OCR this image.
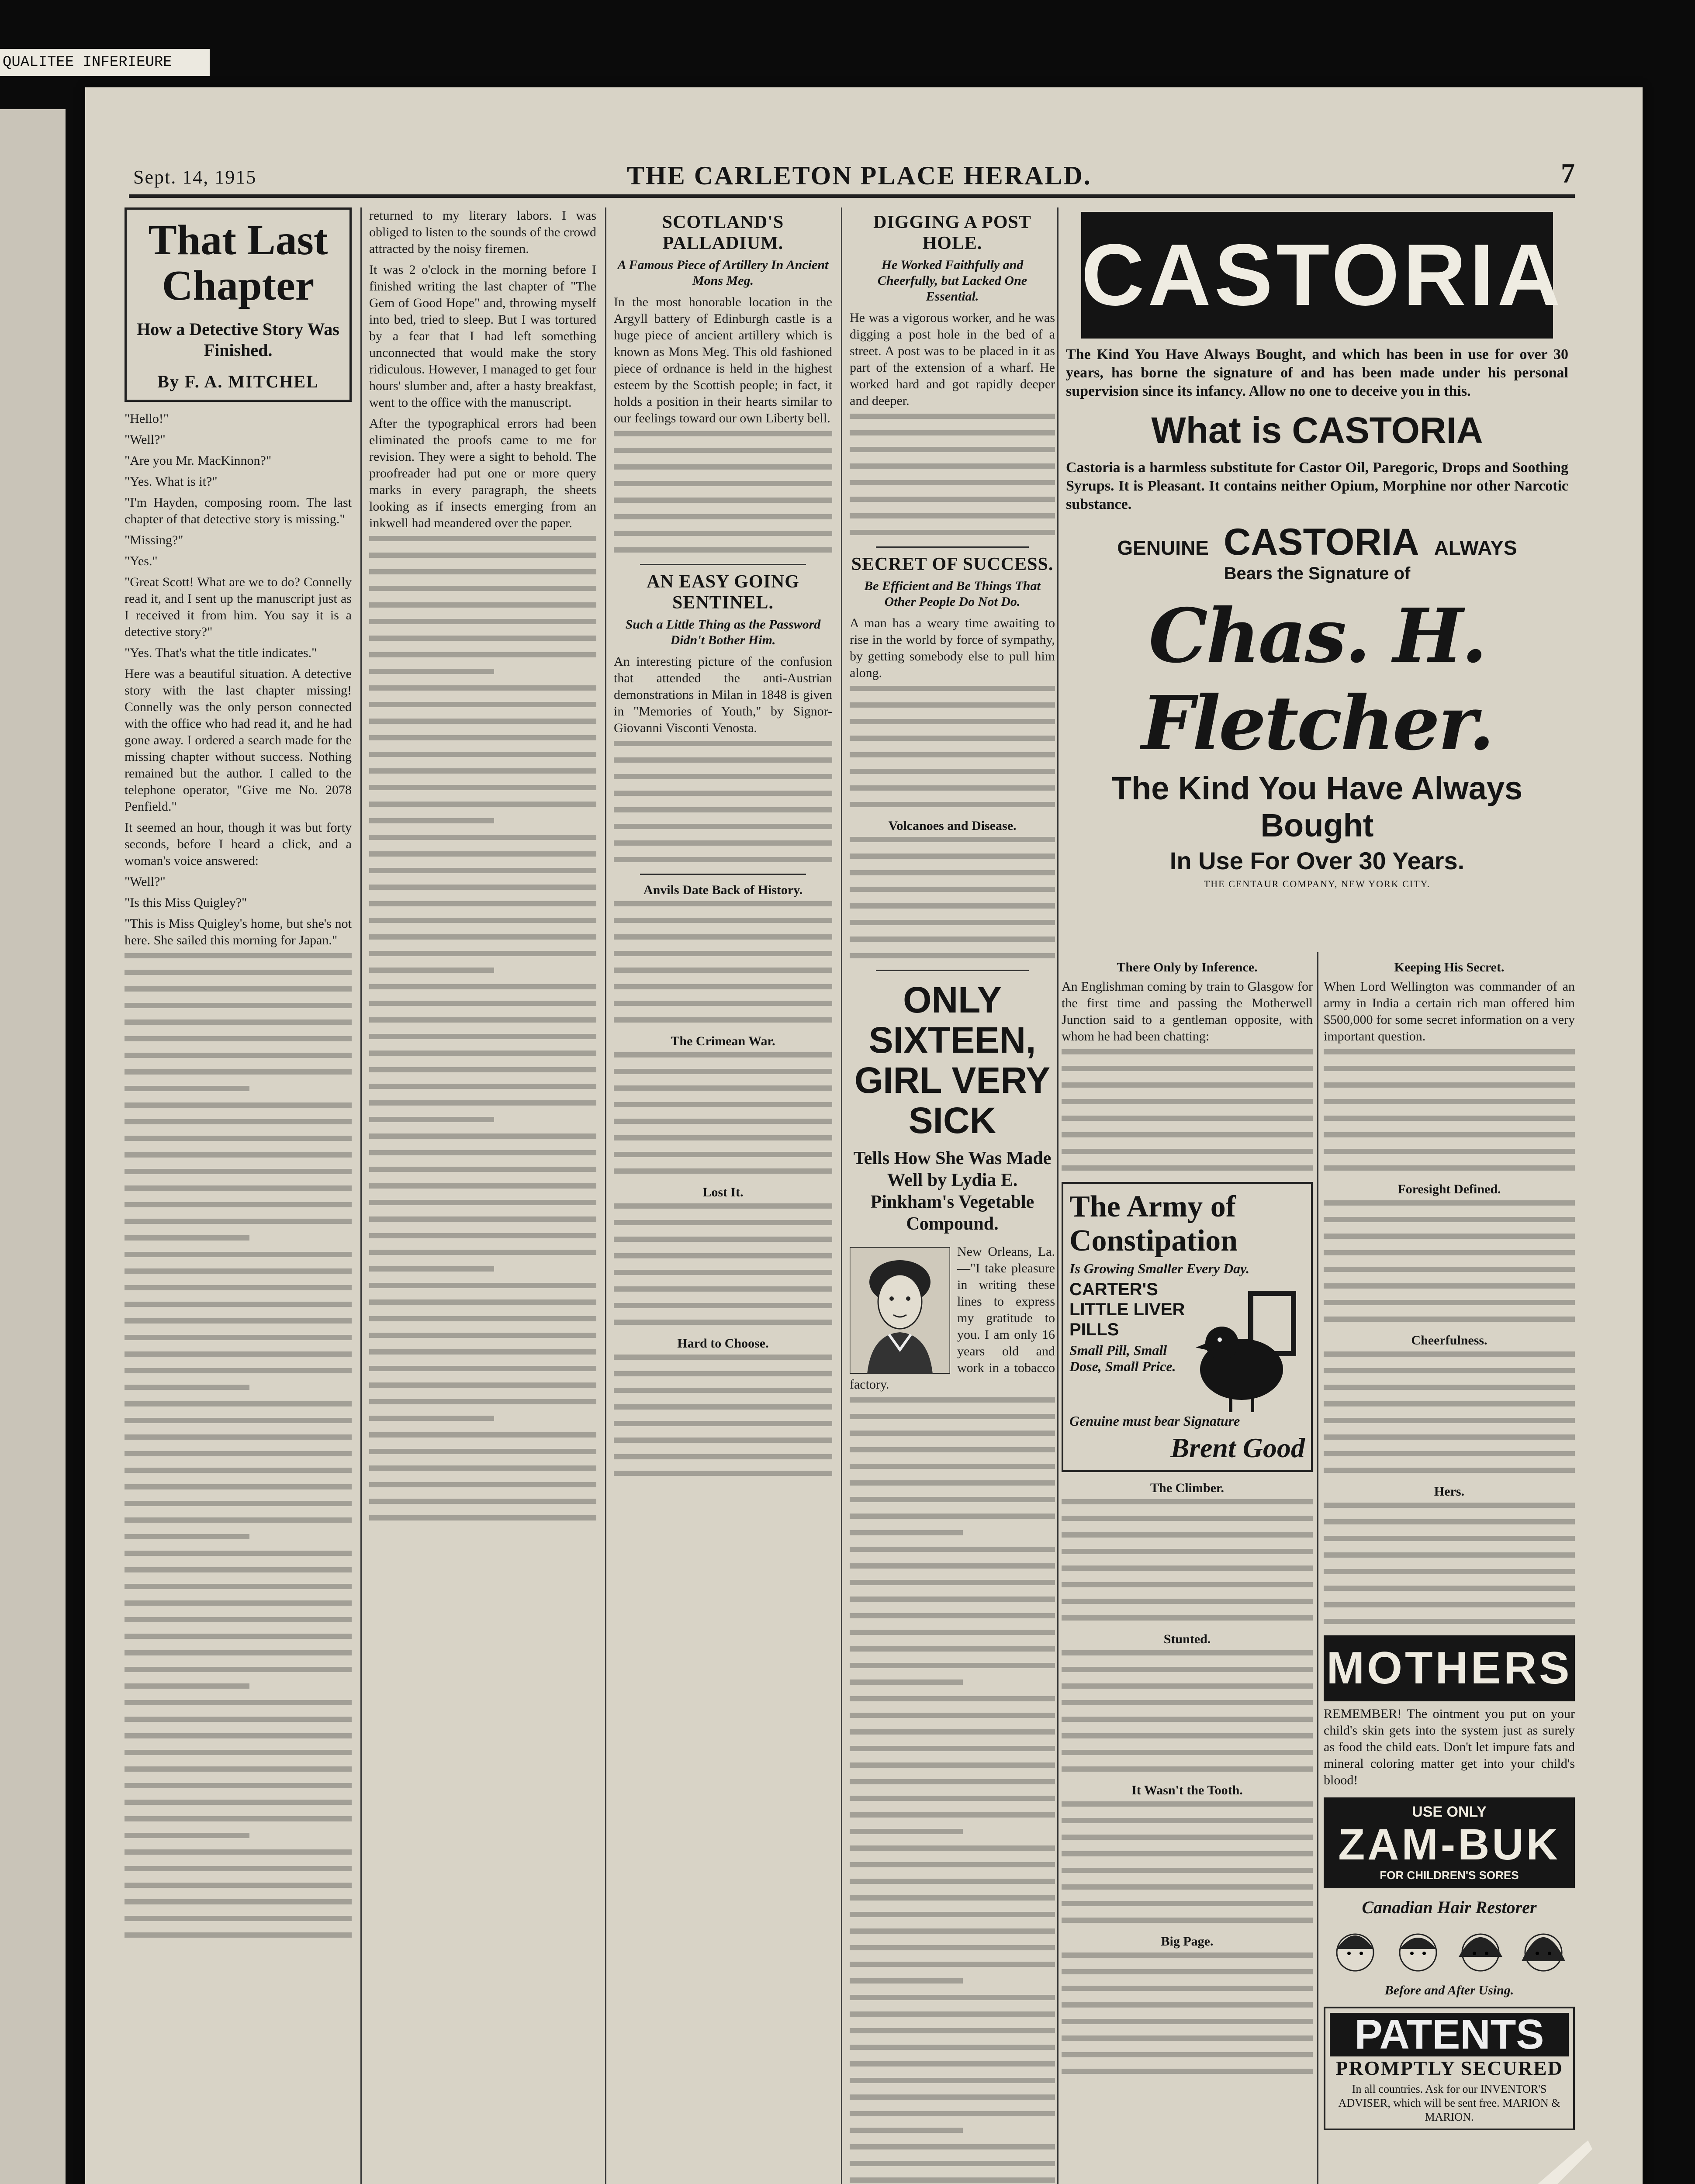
QUALITEE INFERIEURE
Sept. 14, 1915	THE CARLETON PLACE HERALD.	7

That Last Chapter

How a Detective Story Was Finished.

By F. A. MITCHEL

"Hello!"

"Well?"

"Are you Mr. MacKinnon?"

"Yes. What is it?"

"I'm Hayden, composing room. The last chapter of that detective story is missing."

"Missing?"

"Yes."

"Great Scott! What are we to do? Connelly read it, and I sent up the manuscript just as I received it from him. You say it is a detective story?"

"Yes. That's what the title indicates."

Here was a beautiful situation. A detective story with the last chapter missing! Connelly was the only person connected with the office who had read it, and he had gone away. I ordered a search made for the missing chapter without success. Nothing remained but the author. I called to the telephone operator, "Give me No. 2078 Penfield."

It seemed an hour, though it was but forty seconds, before I heard a click, and a woman's voice answered:

"Well?"

"Is this Miss Quigley?"

"This is Miss Quigley's home, but she's not here. She sailed this morning for Japan."

returned to my literary labors. I was obliged to listen to the sounds of the crowd attracted by the noisy firemen.

It was 2 o'clock in the morning before I finished writing the last chapter of "The Gem of Good Hope" and, throwing myself into bed, tried to sleep. But I was tortured by a fear that I had left something unconnected that would make the story ridiculous. However, I managed to get four hours' slumber and, after a hasty breakfast, went to the office with the manuscript.

After the typographical errors had been eliminated the proofs came to me for revision. They were a sight to behold. The proofreader had put one or more query marks in every paragraph, the sheets looking as if insects emerging from an inkwell had meandered over the paper.

SCOTLAND'S PALLADIUM.

A Famous Piece of Artillery In Ancient Mons Meg.

In the most honorable location in the Argyll battery of Edinburgh castle is a huge piece of ancient artillery which is known as Mons Meg. This old fashioned piece of ordnance is held in the highest esteem by the Scottish people; in fact, it holds a position in their hearts similar to our feelings toward our own Liberty bell.

AN EASY GOING SENTINEL.

Such a Little Thing as the Password Didn't Bother Him.

An interesting picture of the confusion that attended the anti-Austrian demonstrations in Milan in 1848 is given in "Memories of Youth," by Signor-Giovanni Visconti Venosta.

Anvils Date Back of History.

The Crimean War.

Lost It.

Hard to Choose.

DIGGING A POST HOLE.

He Worked Faithfully and Cheerfully, but Lacked One Essential.

He was a vigorous worker, and he was digging a post hole in the bed of a street. A post was to be placed in it as part of the extension of a wharf. He worked hard and got rapidly deeper and deeper.

SECRET OF SUCCESS.

Be Efficient and Be Things That Other People Do Not Do.

A man has a weary time awaiting to rise in the world by force of sympathy, by getting somebody else to pull him along.

Volcanoes and Disease.

ONLY SIXTEEN, GIRL VERY SICK
Tells How She Was Made Well by Lydia E. Pinkham's Vegetable Compound.

New Orleans, La.—"I take pleasure in writing these lines to express my gratitude to you. I am only 16 years old and work in a tobacco factory.

CASTORIA

The Kind You Have Always Bought, and which has been in use for over 30 years, has borne the signature of and has been made under his personal supervision since its infancy. Allow no one to deceive you in this.

What is CASTORIA

Castoria is a harmless substitute for Castor Oil, Paregoric, Drops and Soothing Syrups. It is Pleasant. It contains neither Opium, Morphine nor other Narcotic substance.

GENUINE CASTORIA ALWAYS
Bears the Signature of
Chas. H. Fletcher.
The Kind You Have Always Bought
In Use For Over 30 Years.
THE CENTAUR COMPANY, NEW YORK CITY.

There Only by Inference.

An Englishman coming by train to Glasgow for the first time and passing the Motherwell Junction said to a gentleman opposite, with whom he had been chatting:

The Army of Constipation
Is Growing Smaller Every Day.
CARTER'S LITTLE LIVER PILLS
Small Pill, Small Dose, Small Price.
Genuine must bear Signature
Brent Good

The Climber.

Stunted.

It Wasn't the Tooth.

Big Page.

Keeping His Secret.

When Lord Wellington was commander of an army in India a certain rich man offered him $500,000 for some secret information on a very important question.

Foresight Defined.

Cheerfulness.

Hers.

MOTHERS

REMEMBER! The ointment you put on your child's skin gets into the system just as surely as food the child eats. Don't let impure fats and mineral coloring matter get into your child's blood!

USE ONLY
ZAM-BUK
FOR CHILDREN'S SORES
Canadian Hair Restorer
Before and After Using.
PATENTS
PROMPTLY SECURED
In all countries. Ask for our INVENTOR'S ADVISER, which will be sent free. MARION & MARION.
